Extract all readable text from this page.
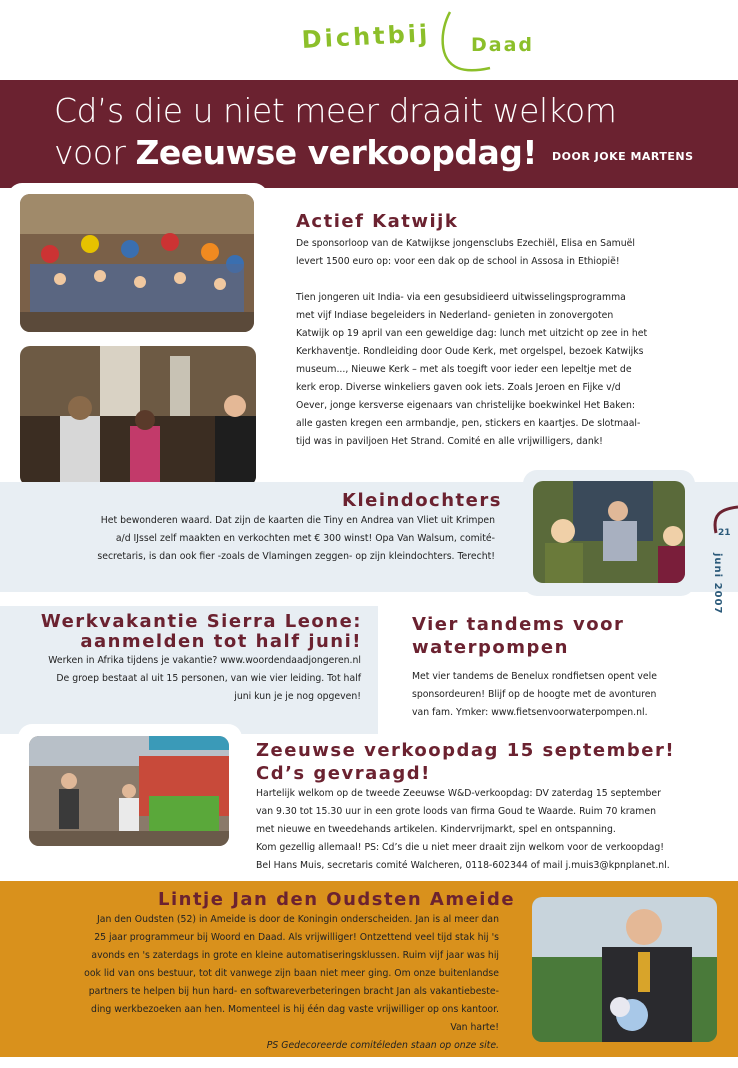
Dichtbij Daad
Cd’s die u niet meer draait welkom
voor Zeeuwse verkoopdag!	DOOR JOKE MARTENS
Actief Katwijk
De sponsorloop van de Katwijkse jongensclubs Ezechiël, Elisa en Samuël
levert 1500 euro op: voor een dak op de school in Assosa in Ethiopië!
Tien jongeren uit India- via een gesubsidieerd uitwisselingsprogramma
met vijf Indiase begeleiders in Nederland- genieten in zonovergoten
Katwijk op 19 april van een geweldige dag: lunch met uitzicht op zee in het
Kerkhaventje. Rondleiding door Oude Kerk, met orgelspel, bezoek Katwijks
museum..., Nieuwe Kerk – met als toegift voor ieder een lepeltje met de
kerk erop. Diverse winkeliers gaven ook iets. Zoals Jeroen en Fijke v/d
Oever, jonge kersverse eigenaars van christelijke boekwinkel Het Baken:
alle gasten kregen een armbandje, pen, stickers en kaartjes. De slotmaal-
tijd was in paviljoen Het Strand. Comité en alle vrijwilligers, dank!
Kleindochters
Het bewonderen waard. Dat zijn de kaarten die Tiny en Andrea van Vliet uit Krimpen
a/d IJssel zelf maakten en verkochten met € 300 winst! Opa Van Walsum, comité-
secretaris, is dan ook fier -zoals de Vlamingen zeggen- op zijn kleindochters. Terecht!
21
juni 2007
Werkvakantie Sierra Leone:
aanmelden tot half juni!
Werken in Afrika tijdens je vakantie? www.woordendaadjongeren.nl
De groep bestaat al uit 15 personen, van wie vier leiding. Tot half
juni kun je je nog opgeven!
Vier tandems voor
waterpompen
Met vier tandems de Benelux rondfietsen opent vele
sponsordeuren! Blijf op de hoogte met de avonturen
van fam. Ymker: www.fietsenvoorwaterpompen.nl.
Zeeuwse verkoopdag 15 september!
Cd’s gevraagd!
Hartelijk welkom op de tweede Zeeuwse W&D-verkoopdag: DV zaterdag 15 september
van 9.30 tot 15.30 uur in een grote loods van firma Goud te Waarde. Ruim 70 kramen
met nieuwe en tweedehands artikelen. Kindervrijmarkt, spel en ontspanning.
Kom gezellig allemaal! PS: Cd’s die u niet meer draait zijn welkom voor de verkoopdag!
Bel Hans Muis, secretaris comité Walcheren, 0118-602344 of mail j.muis3@kpnplanet.nl.
Lintje Jan den Oudsten Ameide
Jan den Oudsten (52) in Ameide is door de Koningin onderscheiden. Jan is al meer dan
25 jaar programmeur bij Woord en Daad. Als vrijwilliger! Ontzettend veel tijd stak hij 's
avonds en 's zaterdags in grote en kleine automatiseringsklussen. Ruim vijf jaar was hij
ook lid van ons bestuur, tot dit vanwege zijn baan niet meer ging. Om onze buitenlandse
partners te helpen bij hun hard- en softwareverbeteringen bracht Jan als vakantiebeste-
ding werkbezoeken aan hen. Momenteel is hij één dag vaste vrijwilliger op ons kantoor.
Van harte!
PS Gedecoreerde comitéleden staan op onze site.
